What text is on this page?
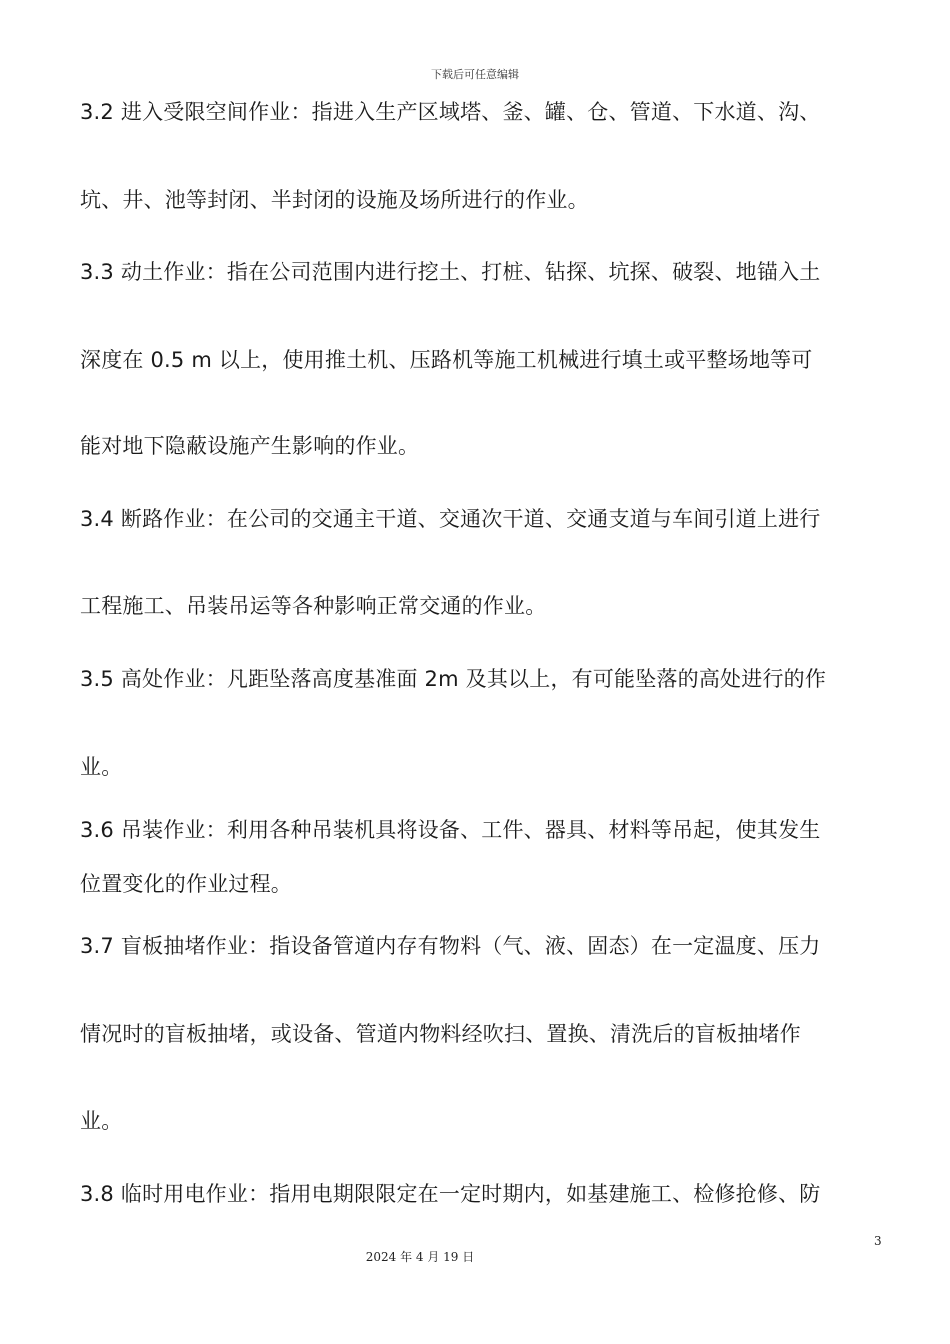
下载后可任意编辑
3.2 进入受限空间作业：指进入生产区域塔、釜、罐、仓、管道、下水道、沟、
坑、井、池等封闭、半封闭的设施及场所进行的作业。
3.3 动土作业：指在公司范围内进行挖土、打桩、钻探、坑探、破裂、地锚入土
深度在 0.5 m 以上，使用推土机、压路机等施工机械进行填土或平整场地等可
能对地下隐蔽设施产生影响的作业。
3.4 断路作业：在公司的交通主干道、交通次干道、交通支道与车间引道上进行
工程施工、吊装吊运等各种影响正常交通的作业。
3.5 高处作业：凡距坠落高度基准面 2m 及其以上，有可能坠落的高处进行的作
业。
3.6 吊装作业：利用各种吊装机具将设备、工件、器具、材料等吊起，使其发生
位置变化的作业过程。
3.7 盲板抽堵作业：指设备管道内存有物料（气、液、固态）在一定温度、压力
情况时的盲板抽堵，或设备、管道内物料经吹扫、置换、清洗后的盲板抽堵作
业。
3.8 临时用电作业：指用电期限限定在一定时期内，如基建施工、检修抢修、防
3
2024 年 4 月 19 日
